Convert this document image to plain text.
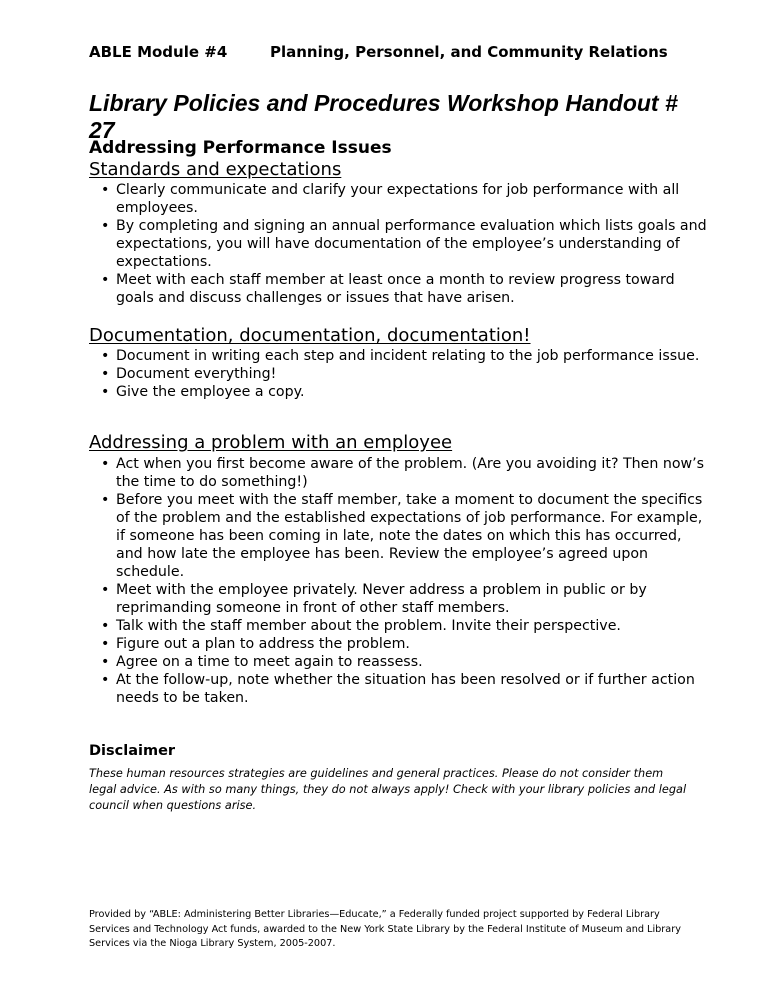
ABLE Module #4	Planning, Personnel, and Community Relations
Library Policies and Procedures Workshop Handout # 27
Addressing Performance Issues
Standards and expectations
• Clearly communicate and clarify your expectations for job performance with all employees.
• By completing and signing an annual performance evaluation which lists goals and expectations, you will have documentation of the employee’s understanding of expectations.
• Meet with each staff member at least once a month to review progress toward goals and discuss challenges or issues that have arisen.
Documentation, documentation, documentation!
• Document in writing each step and incident relating to the job performance issue.
• Document everything!
• Give the employee a copy.
Addressing a problem with an employee
• Act when you first become aware of the problem. (Are you avoiding it? Then now’s the time to do something!)
• Before you meet with the staff member, take a moment to document the specifics of the problem and the established expectations of job performance. For example, if someone has been coming in late, note the dates on which this has occurred, and how late the employee has been. Review the employee’s agreed upon schedule.
• Meet with the employee privately. Never address a problem in public or by reprimanding someone in front of other staff members.
• Talk with the staff member about the problem. Invite their perspective.
• Figure out a plan to address the problem.
• Agree on a time to meet again to reassess.
• At the follow-up, note whether the situation has been resolved or if further action needs to be taken.
Disclaimer
These human resources strategies are guidelines and general practices. Please do not consider them legal advice. As with so many things, they do not always apply! Check with your library policies and legal council when questions arise.
Provided by “ABLE: Administering Better Libraries—Educate,” a Federally funded project supported by Federal Library Services and Technology Act funds, awarded to the New York State Library by the Federal Institute of Museum and Library Services via the Nioga Library System, 2005-2007.
